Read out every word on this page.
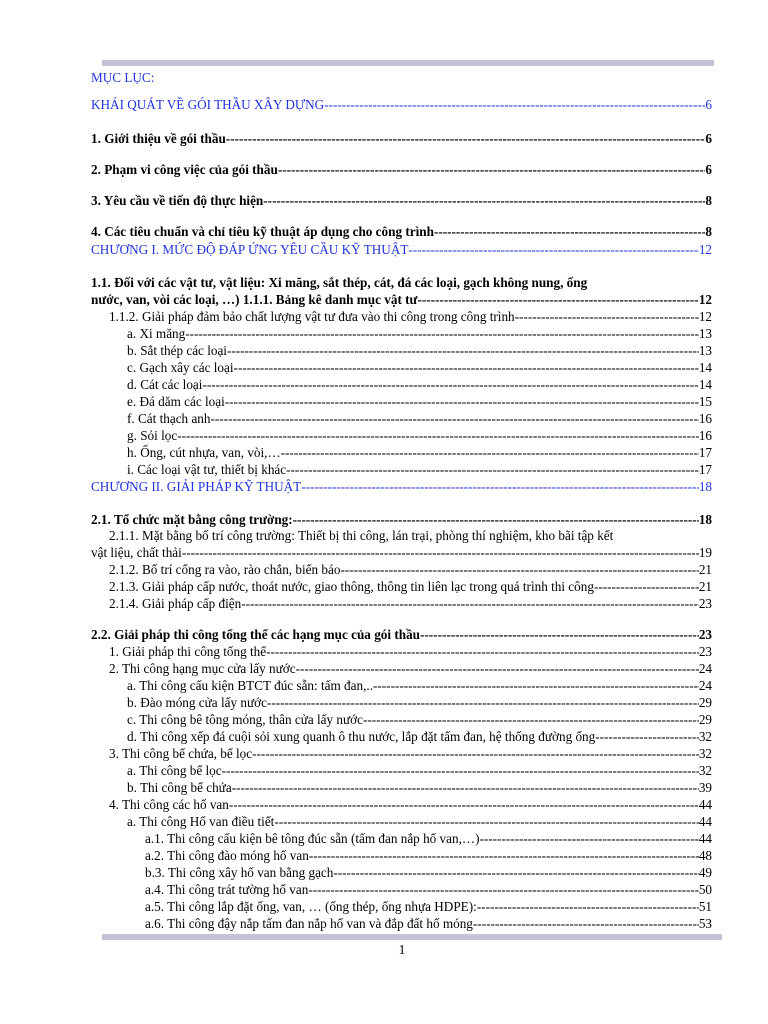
MỤC LỤC:
KHÁI QUÁT VỀ GÓI THẦU XÂY DỰNG -----	6
1. Giới thiệu về gói thầu -----	6
2. Phạm vi công việc của gói thầu -----	6
3. Yêu cầu về tiến độ thực hiện -----	8
4. Các tiêu chuẩn và chỉ tiêu kỹ thuật áp dụng cho công trình -----	8
CHƯƠNG I. MỨC ĐỘ ĐÁP ỨNG YÊU CẦU KỸ THUẬT -----	12
1.1. Đối với các vật tư, vật liệu: Xi măng, sắt thép, cát, đá các loại, gạch không nung, ống
nước, van, vòi các loại, …) 1.1.1. Bảng kê danh mục vật tư -----	12
1.1.2. Giải pháp đảm bảo chất lượng vật tư đưa vào thi công trong công trình -----	12
a. Xi măng -----	13
b. Sắt thép các loại -----	13
c. Gạch xây các loại -----	14
d. Cát các loại -----	14
e. Đá dăm các loại -----	15
f. Cát thạch anh -----	16
g. Sỏi lọc -----	16
h. Ống, cút nhựa, van, vòi,… -----	17
i. Các loại vật tư, thiết bị khác -----	17
CHƯƠNG II. GIẢI PHÁP KỸ THUẬT -----	18
2.1. Tổ chức mặt bằng công trường: -----	18
2.1.1. Mặt bằng bố trí công trường: Thiết bị thi công, lán trại, phòng thí nghiệm, kho bãi tập kết
vật liệu, chất thải -----	19
2.1.2. Bố trí cổng ra vào, rào chắn, biển báo -----	21
2.1.3. Giải pháp cấp nước, thoát nước, giao thông, thông tin liên lạc trong quá trình thi công -----	21
2.1.4. Giải pháp cấp điện -----	23
2.2. Giải pháp thi công tổng thể các hạng mục của gói thầu -----	23
1. Giải pháp thi công tổng thể -----	23
2. Thi công hạng mục cửa lấy nước -----	24
a. Thi công cấu kiện BTCT đúc sẵn: tấm đan,.. -----	24
b. Đào móng cửa lấy nước -----	29
c. Thi công bê tông móng, thân cửa lấy nước -----	29
d. Thi công xếp đá cuội sỏi xung quanh ô thu nước, lắp đặt tấm đan, hệ thống đường ống -----	32
3. Thi công bể chứa, bể lọc -----	32
a. Thi công bể lọc -----	32
b. Thi công bể chứa -----	39
4. Thi công các hố van -----	44
a. Thi công Hố van điều tiết -----	44
a.1. Thi công cấu kiện bê tông đúc sẵn (tấm đan nắp hố van,…) -----	44
a.2. Thi công đào móng hố van -----	48
b.3. Thi công xây hố van bằng gạch -----	49
a.4. Thi công trát tường hố van -----	50
a.5. Thi công lắp đặt ống, van, … (ống thép, ống nhựa HDPE): -----	51
a.6. Thi công đậy nắp tấm đan nắp hố van và đắp đất hố móng -----	53
1
